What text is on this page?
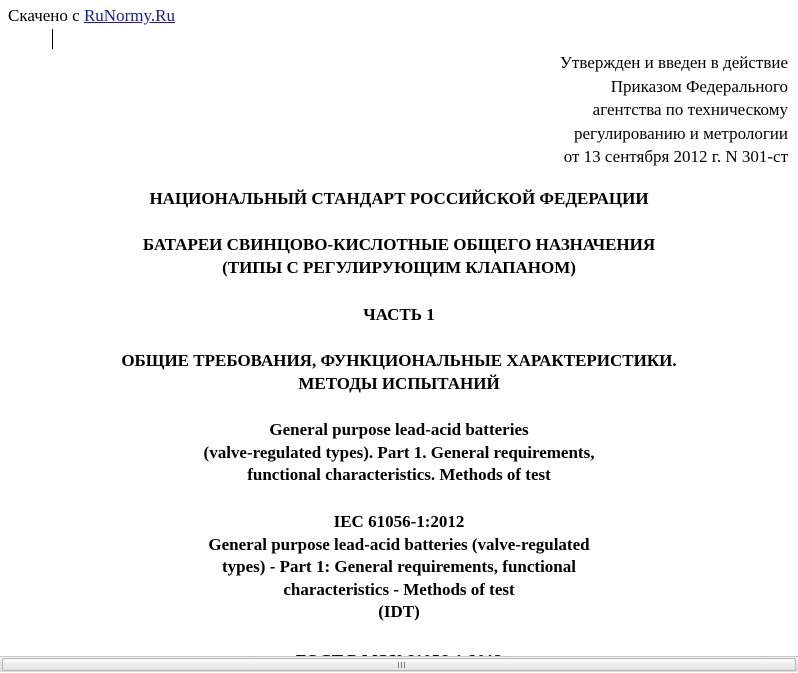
Скачено с RuNormy.Ru
Утвержден и введен в действие
Приказом Федерального
агентства по техническому
регулированию и метрологии
от 13 сентября 2012 г. N 301-ст
НАЦИОНАЛЬНЫЙ СТАНДАРТ РОССИЙСКОЙ ФЕДЕРАЦИИ
БАТАРЕИ СВИНЦОВО-КИСЛОТНЫЕ ОБЩЕГО НАЗНАЧЕНИЯ
(ТИПЫ С РЕГУЛИРУЮЩИМ КЛАПАНОМ)
ЧАСТЬ 1
ОБЩИЕ ТРЕБОВАНИЯ, ФУНКЦИОНАЛЬНЫЕ ХАРАКТЕРИСТИКИ.
МЕТОДЫ ИСПЫТАНИЙ
General purpose lead-acid batteries
(valve-regulated types). Part 1. General requirements,
functional characteristics. Methods of test
IEC 61056-1:2012
General purpose lead-acid batteries (valve-regulated
types) - Part 1: General requirements, functional
characteristics - Methods of test
(IDT)
